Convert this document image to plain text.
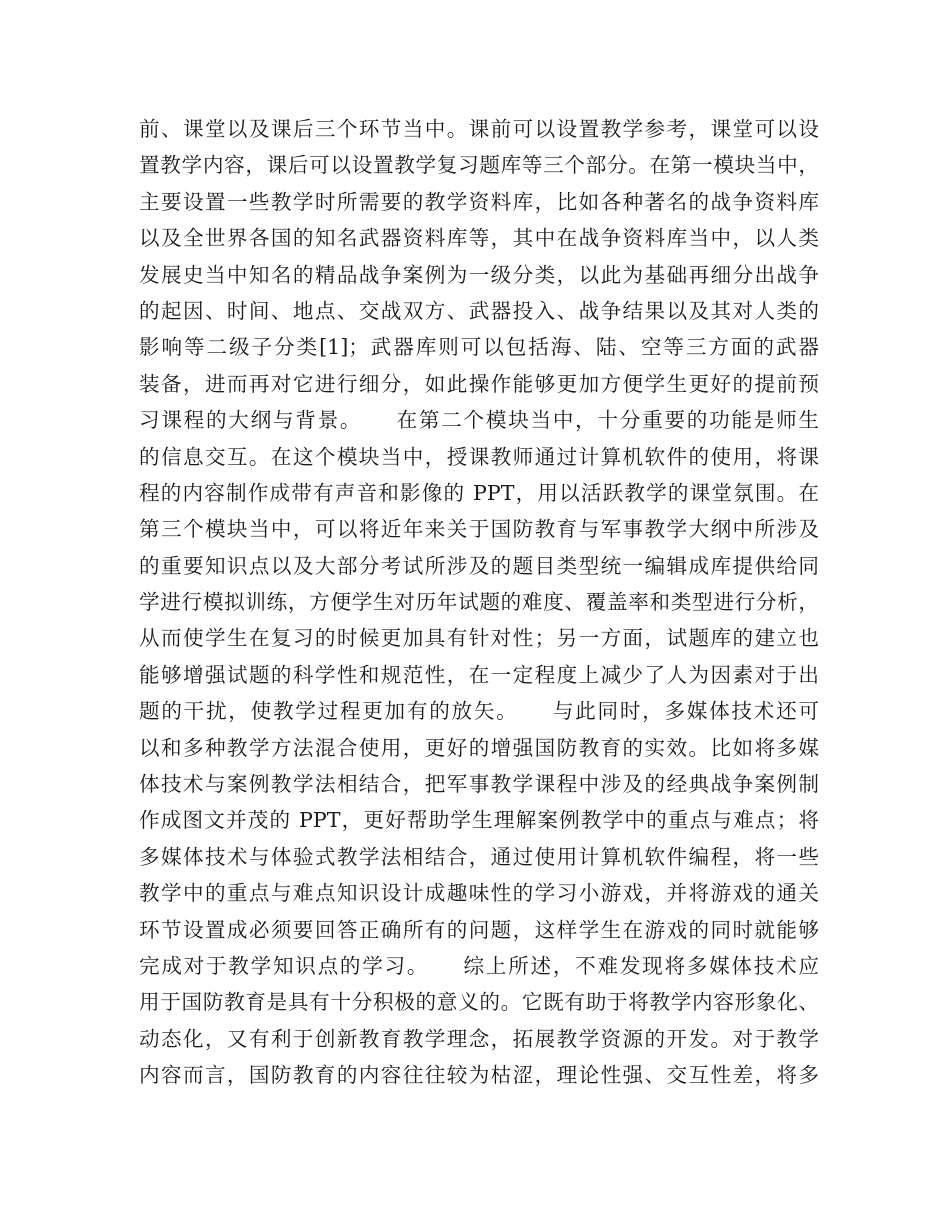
前、课堂以及课后三个环节当中。课前可以设置教学参考，课堂可以设
置教学内容，课后可以设置教学复习题库等三个部分。在第一模块当中，
主要设置一些教学时所需要的教学资料库，比如各种著名的战争资料库
以及全世界各国的知名武器资料库等，其中在战争资料库当中，以人类
发展史当中知名的精品战争案例为一级分类，以此为基础再细分出战争
的起因、时间、地点、交战双方、武器投入、战争结果以及其对人类的
影响等二级子分类[1]；武器库则可以包括海、陆、空等三方面的武器
装备，进而再对它进行细分，如此操作能够更加方便学生更好的提前预
习课程的大纲与背景。　　在第二个模块当中，十分重要的功能是师生
的信息交互。在这个模块当中，授课教师通过计算机软件的使用，将课
程的内容制作成带有声音和影像的 PPT，用以活跃教学的课堂氛围。在
第三个模块当中，可以将近年来关于国防教育与军事教学大纲中所涉及
的重要知识点以及大部分考试所涉及的题目类型统一编辑成库提供给同
学进行模拟训练，方便学生对历年试题的难度、覆盖率和类型进行分析，
从而使学生在复习的时候更加具有针对性；另一方面，试题库的建立也
能够增强试题的科学性和规范性，在一定程度上减少了人为因素对于出
题的干扰，使教学过程更加有的放矢。　　与此同时，多媒体技术还可
以和多种教学方法混合使用，更好的增强国防教育的实效。比如将多媒
体技术与案例教学法相结合，把军事教学课程中涉及的经典战争案例制
作成图文并茂的 PPT，更好帮助学生理解案例教学中的重点与难点；将
多媒体技术与体验式教学法相结合，通过使用计算机软件编程，将一些
教学中的重点与难点知识设计成趣味性的学习小游戏，并将游戏的通关
环节设置成必须要回答正确所有的问题，这样学生在游戏的同时就能够
完成对于教学知识点的学习。　　综上所述，不难发现将多媒体技术应
用于国防教育是具有十分积极的意义的。它既有助于将教学内容形象化、
动态化，又有利于创新教育教学理念，拓展教学资源的开发。对于教学
内容而言，国防教育的内容往往较为枯涩，理论性强、交互性差，将多
